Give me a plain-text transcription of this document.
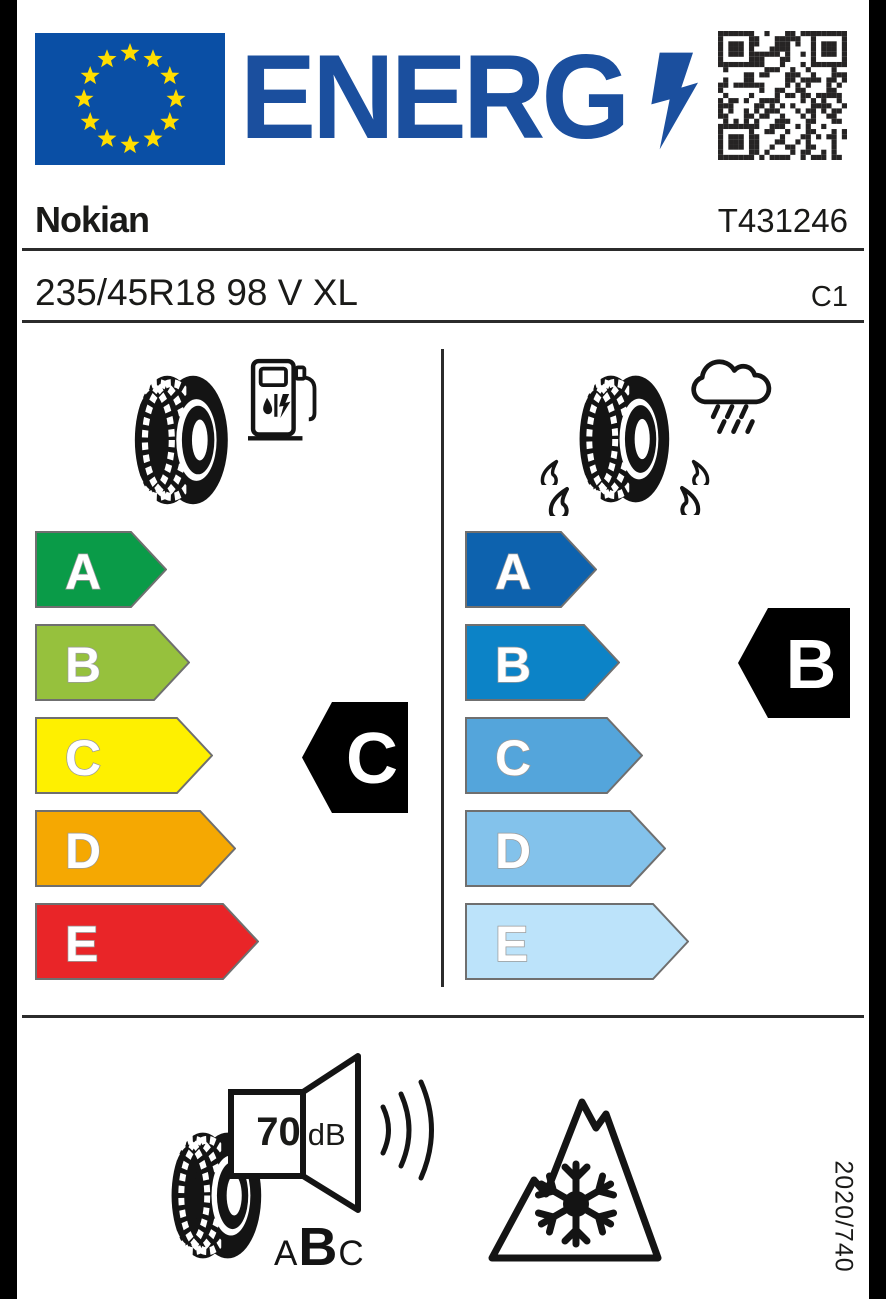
ENERG
Nokian	T431246
235/45R18 98 V XL	C1
A
B
C
D
E
A
B
C
D
E
C
B
70 dB
A B C	2020/740
